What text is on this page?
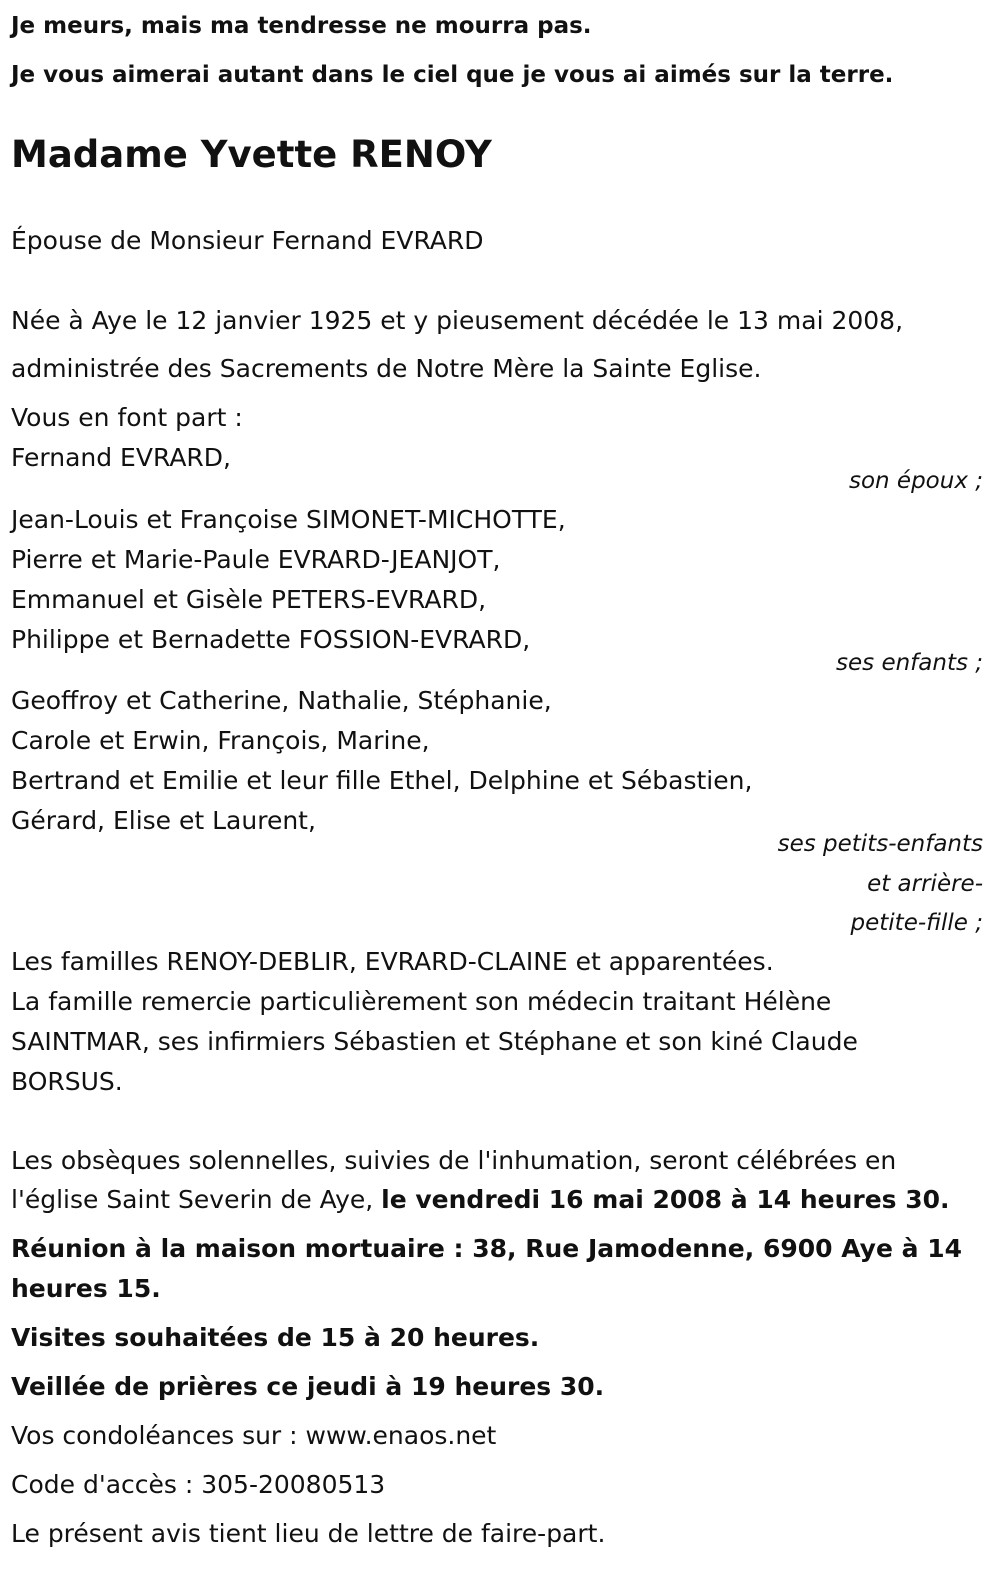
Je meurs, mais ma tendresse ne mourra pas.
Je vous aimerai autant dans le ciel que je vous ai aimés sur la terre.
Madame Yvette RENOY
Épouse de Monsieur Fernand EVRARD
Née à Aye le 12 janvier 1925 et y pieusement décédée le 13 mai 2008,
administrée des Sacrements de Notre Mère la Sainte Eglise.
Vous en font part :
Fernand EVRARD,
son époux ;
Jean-Louis et Françoise SIMONET-MICHOTTE,
Pierre et Marie-Paule EVRARD-JEANJOT,
Emmanuel et Gisèle PETERS-EVRARD,
Philippe et Bernadette FOSSION-EVRARD,
ses enfants ;
Geoffroy et Catherine, Nathalie, Stéphanie,
Carole et Erwin, François, Marine,
Bertrand et Emilie et leur fille Ethel, Delphine et Sébastien,
Gérard, Elise et Laurent,
ses petits-enfants
et arrière-
petite-fille ;
Les familles RENOY-DEBLIR, EVRARD-CLAINE et apparentées.
La famille remercie particulièrement son médecin traitant Hélène
SAINTMAR, ses infirmiers Sébastien et Stéphane et son kiné Claude
BORSUS.
Les obsèques solennelles, suivies de l'inhumation, seront célébrées en
l'église Saint Severin de Aye, le vendredi 16 mai 2008 à 14 heures 30.
Réunion à la maison mortuaire : 38, Rue Jamodenne, 6900 Aye à 14
heures 15.
Visites souhaitées de 15 à 20 heures.
Veillée de prières ce jeudi à 19 heures 30.
Vos condoléances sur : www.enaos.net
Code d'accès : 305-20080513
Le présent avis tient lieu de lettre de faire-part.
